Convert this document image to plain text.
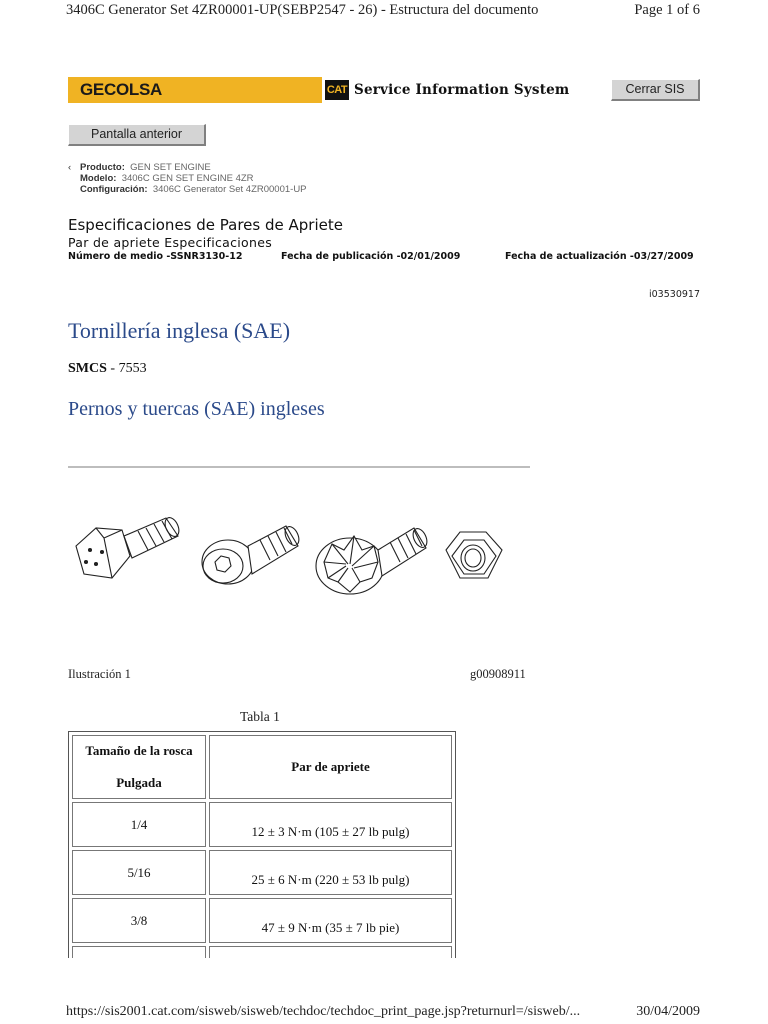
3406C Generator Set 4ZR00001-UP(SEBP2547 - 26) - Estructura del documento	Page 1 of 6
GECOLSA	CAT Service Information System	Cerrar SIS
Pantalla anterior
‹ Producto: GEN SET ENGINE
Modelo: 3406C GEN SET ENGINE 4ZR
Configuración: 3406C Generator Set 4ZR00001-UP
Especificaciones de Pares de Apriete
Par de apriete Especificaciones
Número de medio -SSNR3130-12	Fecha de publicación -02/01/2009	Fecha de actualización -03/27/2009
i03530917
Tornillería inglesa (SAE)
SMCS - 7553
Pernos y tuercas (SAE) ingleses
Ilustración 1	g00908911
Tabla 1
Tamaño de la rosca
Pulgada	Par de apriete
1/4	12 ± 3 N·m (105 ± 27 lb pulg)
5/16	25 ± 6 N·m (220 ± 53 lb pulg)
3/8	47 ± 9 N·m (35 ± 7 lb pie)

https://sis2001.cat.com/sisweb/sisweb/techdoc/techdoc_print_page.jsp?returnurl=/sisweb/...	30/04/2009
